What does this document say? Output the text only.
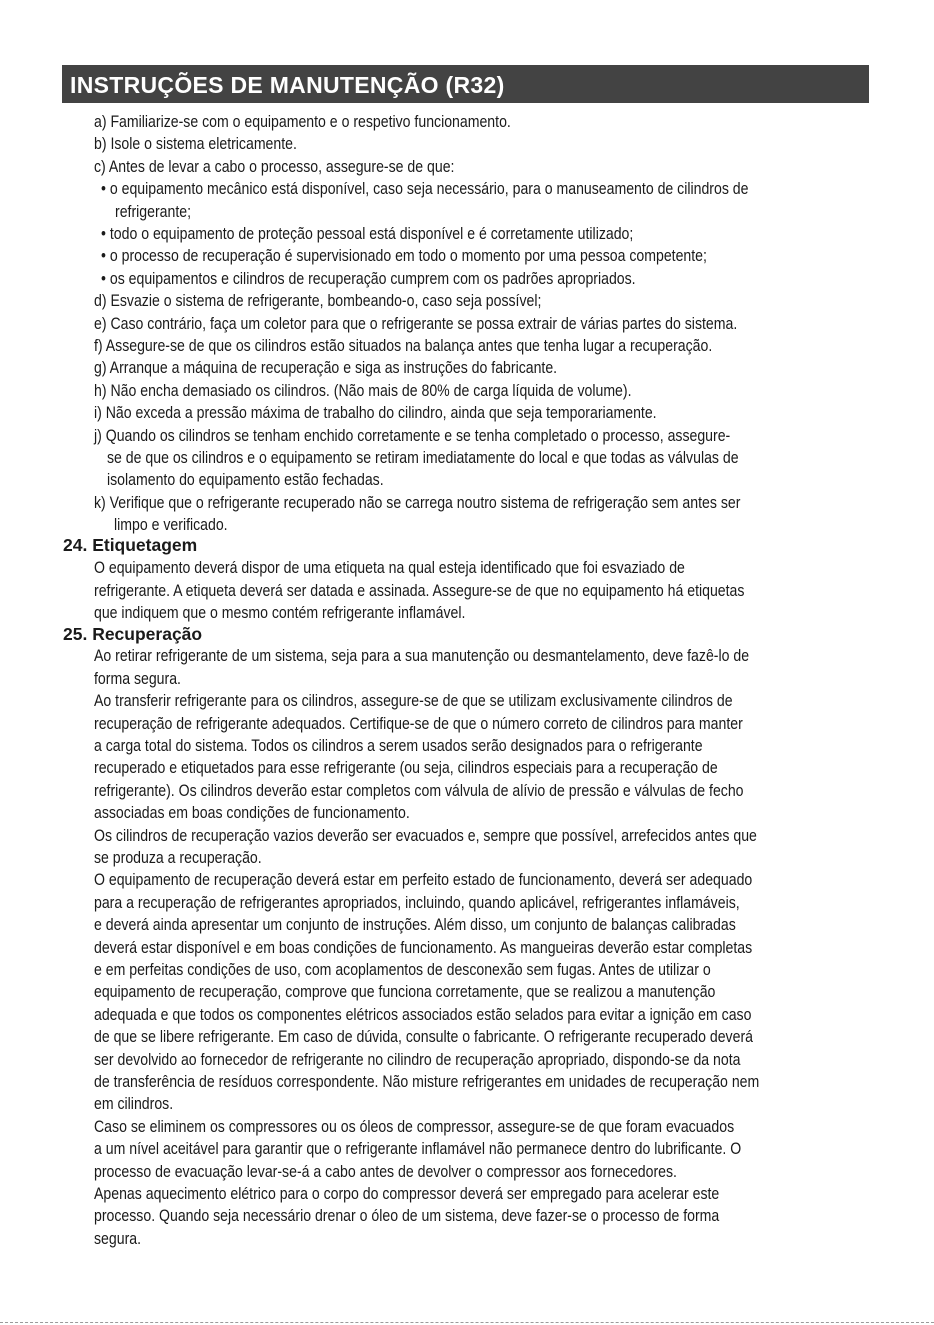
INSTRUÇÕES DE MANUTENÇÃO (R32)
a) Familiarize-se com o equipamento e o respetivo funcionamento.
b) Isole o sistema eletricamente.
c) Antes de levar a cabo o processo, assegure-se de que:
• o equipamento mecânico está disponível, caso seja necessário, para o manuseamento de cilindros de
refrigerante;
• todo o equipamento de proteção pessoal está disponível e é corretamente utilizado;
• o processo de recuperação é supervisionado em todo o momento por uma pessoa competente;
• os equipamentos e cilindros de recuperação cumprem com os padrões apropriados.
d) Esvazie o sistema de refrigerante, bombeando-o, caso seja possível;
e) Caso contrário, faça um coletor para que o refrigerante se possa extrair de várias partes do sistema.
f) Assegure-se de que os cilindros estão situados na balança antes que tenha lugar a recuperação.
g) Arranque a máquina de recuperação e siga as instruções do fabricante.
h) Não encha demasiado os cilindros. (Não mais de 80% de carga líquida de volume).
i) Não exceda a pressão máxima de trabalho do cilindro, ainda que seja temporariamente.
j) Quando os cilindros se tenham enchido corretamente e se tenha completado o processo, assegure-
se de que os cilindros e o equipamento se retiram imediatamente do local e que todas as válvulas de
isolamento do equipamento estão fechadas.
k) Verifique que o refrigerante recuperado não se carrega noutro sistema de refrigeração sem antes ser
limpo e verificado.
24. Etiquetagem
O equipamento deverá dispor de uma etiqueta na qual esteja identificado que foi esvaziado de
refrigerante. A etiqueta deverá ser datada e assinada. Assegure-se de que no equipamento há etiquetas
que indiquem que o mesmo contém refrigerante inflamável.
25. Recuperação
Ao retirar refrigerante de um sistema, seja para a sua manutenção ou desmantelamento, deve fazê-lo de
forma segura.
Ao transferir refrigerante para os cilindros, assegure-se de que se utilizam exclusivamente cilindros de
recuperação de refrigerante adequados. Certifique-se de que o número correto de cilindros para manter
a carga total do sistema. Todos os cilindros a serem usados serão designados para o refrigerante
recuperado e etiquetados para esse refrigerante (ou seja, cilindros especiais para a recuperação de
refrigerante). Os cilindros deverão estar completos com válvula de alívio de pressão e válvulas de fecho
associadas em boas condições de funcionamento.
Os cilindros de recuperação vazios deverão ser evacuados e, sempre que possível, arrefecidos antes que
se produza a recuperação.
O equipamento de recuperação deverá estar em perfeito estado de funcionamento, deverá ser adequado
para a recuperação de refrigerantes apropriados, incluindo, quando aplicável, refrigerantes inflamáveis,
e deverá ainda apresentar um conjunto de instruções. Além disso, um conjunto de balanças calibradas
deverá estar disponível e em boas condições de funcionamento. As mangueiras deverão estar completas
e em perfeitas condições de uso, com acoplamentos de desconexão sem fugas. Antes de utilizar o
equipamento de recuperação, comprove que funciona corretamente, que se realizou a manutenção
adequada e que todos os componentes elétricos associados estão selados para evitar a ignição em caso
de que se libere refrigerante. Em caso de dúvida, consulte o fabricante. O refrigerante recuperado deverá
ser devolvido ao fornecedor de refrigerante no cilindro de recuperação apropriado, dispondo-se da nota
de transferência de resíduos correspondente. Não misture refrigerantes em unidades de recuperação nem
em cilindros.
Caso se eliminem os compressores ou os óleos de compressor, assegure-se de que foram evacuados
a um nível aceitável para garantir que o refrigerante inflamável não permanece dentro do lubrificante. O
processo de evacuação levar-se-á a cabo antes de devolver o compressor aos fornecedores.
Apenas aquecimento elétrico para o corpo do compressor deverá ser empregado para acelerar este
processo. Quando seja necessário drenar o óleo de um sistema, deve fazer-se o processo de forma
segura.
